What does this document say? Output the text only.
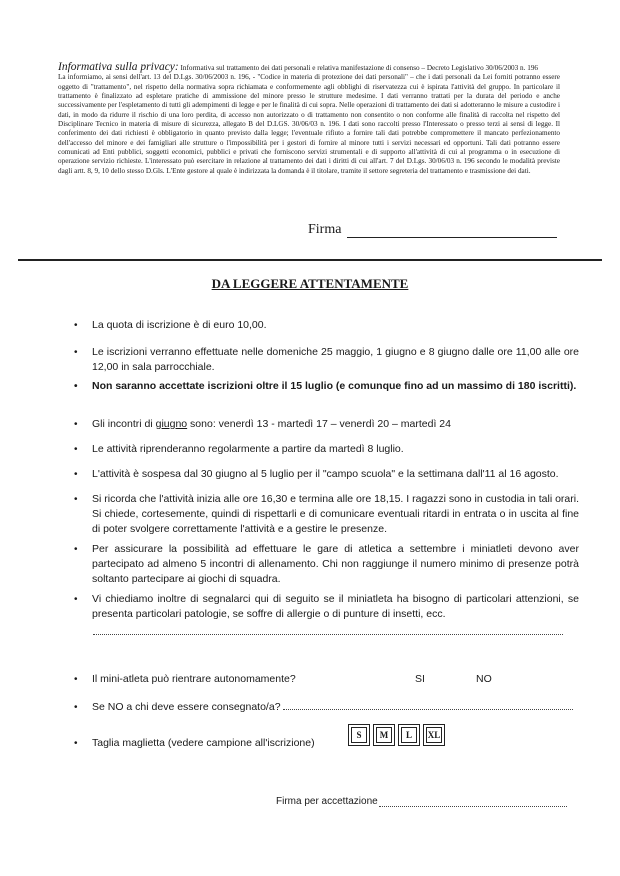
Informativa sulla privacy: Informativa sul trattamento dei dati personali e relativa manifestazione di consenso – Decreto Legislativo 30/06/2003 n. 196
La informiamo, ai sensi dell'art. 13 del D.Lgs. 30/06/2003 n. 196, - "Codice in materia di protezione dei dati personali" – che i dati personali da Lei forniti potranno essere oggetto di "trattamento", nel rispetto della normativa sopra richiamata e conformemente agli obblighi di riservatezza cui è ispirata l'attività del gruppo. In particolare il trattamento è finalizzato ad espletare pratiche di ammissione del minore presso le strutture medesime. I dati verranno trattati per la durata del periodo e anche successivamente per l'espletamento di tutti gli adempimenti di legge e per le finalità di cui sopra. Nelle operazioni di trattamento dei dati si adotteranno le misure a custodire i dati, in modo da ridurre il rischio di una loro perdita, di accesso non autorizzato o di trattamento non consentito o non conforme alle finalità di raccolta nel rispetto del Disciplinare Tecnico in materia di misure di sicurezza, allegato B del D.LGS. 30/06/03 n. 196. I dati sono raccolti presso l'Interessato o presso terzi ai sensi di legge. Il conferimento dei dati richiesti è obbligatorio in quanto previsto dalla legge; l'eventuale rifiuto a fornire tali dati potrebbe compromettere il mancato perfezionamento dell'accesso del minore e dei famigliari alle strutture o l'impossibilità per i gestori di fornire al minore tutti i servizi necessari ed opportuni. Tali dati potranno essere comunicati ad Enti pubblici, soggetti economici, pubblici e privati che forniscono servizi strumentali e di supporto all'attività di cui al programma o in esecuzione di operazione servizio richieste. L'interessato può esercitare in relazione al trattamento dei dati i diritti di cui all'art. 7 del D.Lgs. 30/06/03 n. 196 secondo le modalità previste dagli artt. 8, 9, 10 dello stesso D.Gls. L'Ente gestore al quale è indirizzata la domanda è il titolare, tramite il settore segreteria del trattamento e trasmissione dei dati.
Firma
DA LEGGERE ATTENTAMENTE
• La quota di iscrizione è di euro 10,00.
• Le iscrizioni verranno effettuate nelle domeniche 25 maggio, 1 giugno e 8 giugno dalle ore 11,00 alle ore 12,00 in sala parrocchiale.
• Non saranno accettate iscrizioni oltre il 15 luglio (e comunque fino ad un massimo di 180 iscritti).
• Gli incontri di giugno sono: venerdì 13 - martedì 17 – venerdì 20 – martedì 24
• Le attività riprenderanno regolarmente a partire da martedì 8 luglio.
• L'attività è sospesa dal 30 giugno al 5 luglio per il "campo scuola" e la settimana dall'11 al 16 agosto.
• Si ricorda che l'attività inizia alle ore 16,30 e termina alle ore 18,15. I ragazzi sono in custodia in tali orari. Si chiede, cortesemente, quindi di rispettarli e di comunicare eventuali ritardi in entrata o in uscita al fine di poter svolgere correttamente l'attività e a gestire le presenze.
• Per assicurare la possibilità ad effettuare le gare di atletica a settembre i miniatleti devono aver partecipato ad almeno 5 incontri di allenamento. Chi non raggiunge il numero minimo di presenze potrà soltanto partecipare ai giochi di squadra.
• Vi chiediamo inoltre di segnalarci qui di seguito se il miniatleta ha bisogno di particolari attenzioni, se presenta particolari patologie, se soffre di allergie o di punture di insetti, ecc.
• Il mini-atleta può rientrare autonomamente?	SI	NO
• Se NO a chi deve essere consegnato/a?
• Taglia maglietta (vedere campione all'iscrizione)
S	M	L	XL
Firma per accettazione
